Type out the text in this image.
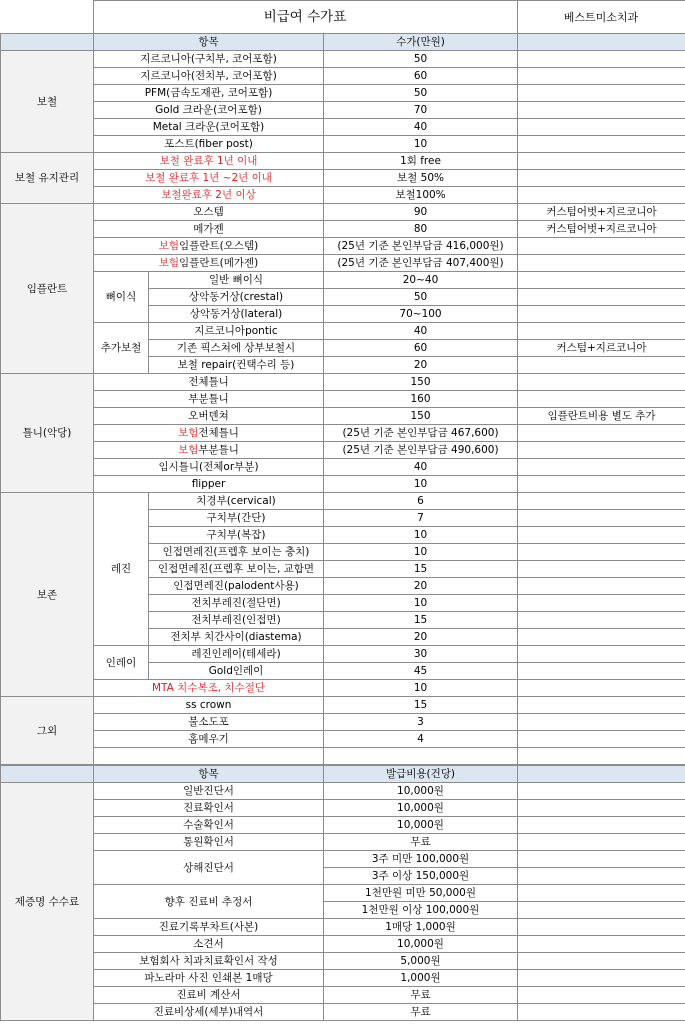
	비급여 수가표	베스트미소치과
	항목		수가(만원)	
보철	지르코니아(구치부, 코어포함)		50	
	지르코니아(전치부, 코어포함)		60	
	PFM(금속도재관, 코어포함)		50	
	Gold 크라운(코어포함)		70	
	Metal 크라운(코어포함)		40	
	포스트(fiber post)		10	
보철 유지관리	보철 완료후 1년 이내		1회 free	
	보철 완료후 1년 ~2년 이내		보철 50%	
	보철완료후 2년 이상		보철100%	
임플란트	오스템		90	커스텀어벗+지르코니아
	메가젠		80	커스텀어벗+지르코니아
	보험임플란트(오스템)		(25년 기준 본인부담금 416,000원)	
	보험임플란트(메가젠)		(25년 기준 본인부담금 407,400원)	
	뼈이식	일반 뼈이식	20~40	
		상악동거상(crestal)	50	
		상악동거상(lateral)	70~100	
	추가보철	지르코니아pontic	40	
		기존 픽스쳐에 상부보철시	60	커스텀+지르코니아
		보철 repair(컨택수리 등)	20	
틀니(악당)	전체틀니		150	
	부분틀니		160	
	오버덴쳐		150	임플란트비용 별도 추가
	보험전체틀니		(25년 기준 본인부담금 467,600)	
	보험부분틀니		(25년 기준 본인부담금 490,600)	
	임시틀니(전체or부분)		40	
	flipper		10	
보존	레진	치경부(cervical)	6	
		구치부(간단)	7	
		구치부(복잡)	10	
		인접면레진(프렙후 보이는 충치)	10	
		인접면레진(프렙후 보이는, 교합면	15	
		인접면레진(palodent사용)	20	
		전치부레진(절단면)	10	
		전치부레진(인접면)	15	
		전치부 치간사이(diastema)	20	
	인레이	레진인레이(테세라)	30	
		Gold인레이	45	
	MTA 치수복조, 치수절단		10	
그외	ss crown		15	
	불소도포		3	
	홈메우기		4	

	항목	발급비용(건당)	
제증명 수수료	일반진단서	10,000원	
	진료확인서	10,000원	
	수술확인서	10,000원	
	통원확인서	무료	
	상해진단서	3주 미만 100,000원	
		3주 이상 150,000원	
	향후 진료비 추정서	1천만원 미만 50,000원	
		1천만원 이상 100,000원	
	진료기록부차트(사본)	1매당 1,000원	
	소견서	10,000원	
	보험회사 치과치료확인서 작성	5,000원	
	파노라마 사진 인쇄본 1매당	1,000원	
	진료비 계산서	무료	
	진료비상세(세부)내역서	무료	
